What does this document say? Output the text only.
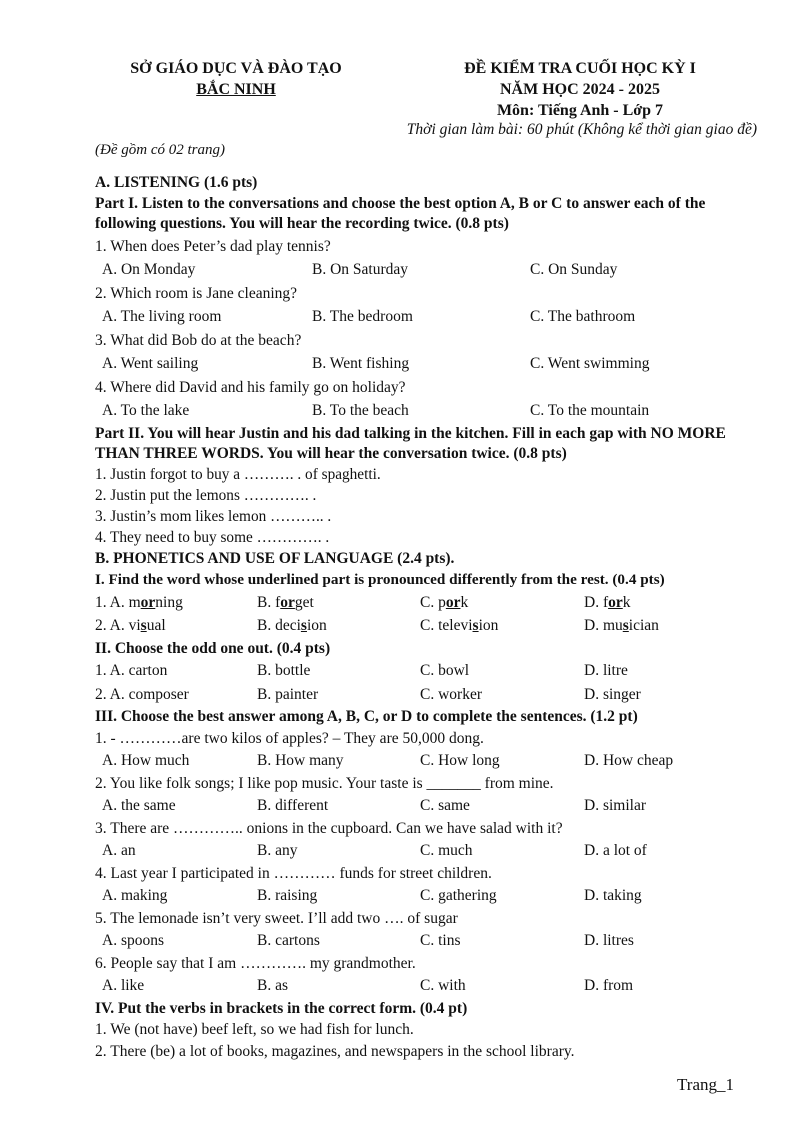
SỞ GIÁO DỤC VÀ ĐÀO TẠO
BẮC NINH
ĐỀ KIỂM TRA CUỐI HỌC KỲ I
NĂM HỌC 2024 - 2025
Môn: Tiếng Anh - Lớp 7
Thời gian làm bài: 60 phút (Không kể thời gian giao đề)
(Đề gồm có 02 trang)
A. LISTENING (1.6 pts)
Part I. Listen to the conversations and choose the best option A, B or C to answer each of the following questions. You will hear the recording twice. (0.8 pts)
1. When does Peter’s dad play tennis?
A. On Monday	B. On Saturday	C. On Sunday
2. Which room is Jane cleaning?
A. The living room	B. The bedroom	C. The bathroom
3. What did Bob do at the beach?
A. Went sailing	B. Went fishing	C. Went swimming
4. Where did David and his family go on holiday?
A. To the lake	B. To the beach	C. To the mountain
Part II. You will hear Justin and his dad talking in the kitchen. Fill in each gap with NO MORE THAN THREE WORDS. You will hear the conversation twice. (0.8 pts)
1. Justin forgot to buy a ………. . of spaghetti.
2. Justin put the lemons …………. .
3. Justin’s mom likes lemon ……….. .
4. They need to buy some …………. .
B. PHONETICS AND USE OF LANGUAGE (2.4 pts).
I. Find the word whose underlined part is pronounced differently from the rest. (0.4 pts)
1. A. morning	B. forget	C. pork	D. fork
2. A. visual	B. decision	C. television	D. musician
II. Choose the odd one out. (0.4 pts)
1. A. carton	B. bottle	C. bowl	D. litre
2. A. composer	B. painter	C. worker	D. singer
III. Choose the best answer among A, B, C, or D to complete the sentences. (1.2 pt)
1. - …………are two kilos of apples? – They are 50,000 dong.
A. How much	B. How many	C. How long	D. How cheap
2. You like folk songs; I like pop music. Your taste is _______ from mine.
A. the same	B. different	C. same	D. similar
3. There are ………….. onions in the cupboard. Can we have salad with it?
A. an	B. any	C. much	D. a lot of
4. Last year I participated in ………… funds for street children.
A. making	B. raising	C. gathering	D. taking
5. The lemonade isn’t very sweet. I’ll add two …. of sugar
A. spoons	B. cartons	C. tins	D. litres
6. People say that I am …………. my grandmother.
A. like	B. as	C. with	D. from
IV. Put the verbs in brackets in the correct form. (0.4 pt)
1. We (not have) beef left, so we had fish for lunch.
2. There (be) a lot of books, magazines, and newspapers in the school library.
Trang_1
